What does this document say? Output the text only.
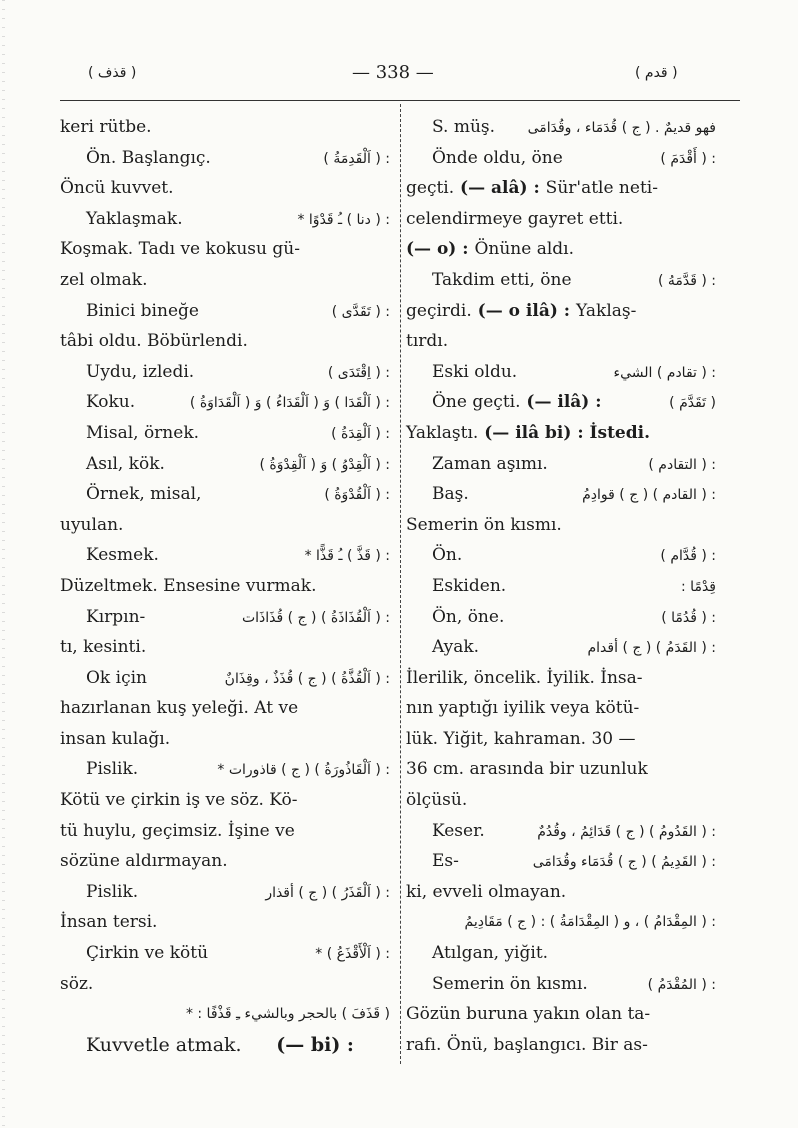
( قذف )	— 338 —	( قدم )
keri rütbe.
Ön. Başlangıç.	: ( اَلْقَدِمَةُ )
Öncü kuvvet.
Yaklaşmak.	: ( دنا ) ـُ قَدْوًا *
Koşmak. Tadı ve kokusu gü-
zel olmak.
Binici bineğe	: ( تَقَدَّى )
tâbi oldu. Böbürlendi.
Uydu, izledi.	: ( اِقْتَدَى )
Koku.	: ( اَلْقَدَا ) وَ ( اَلْقَدَاءُ ) وَ ( اَلْقَدَاوَةُ )
Misal, örnek.	: ( اَلْقِدَةُ )
Asıl, kök.	: ( اَلْقِدْوُ ) وَ ( اَلْقِدْوَةُ )
Örnek, misal,	: ( اَلْقُدْوَةُ )
uyulan.
Kesmek.	: ( قَذَّ ) ـُ قَذًّا *
Düzeltmek. Ensesine vurmak.
Kırpın-	: ( اَلْقُذَاذَةُ ) ( ج ) قُذَاذَات
tı, kesinti.
Ok için	: ( اَلْقُذَّةُ ) ( ج ) قُذَذٌ ، وقِذَانٌ
hazırlanan kuş yeleği. At ve
insan kulağı.
Pislik.	: ( اَلْقَاذُورَةُ ) ( ج ) قاذورات *
Kötü ve çirkin iş ve söz. Kö-
tü huylu, geçimsiz. İşine ve
sözüne aldırmayan.
Pislik.	: ( اَلْقَذَرُ ) ( ج ) أقذار
İnsan tersi.
Çirkin ve kötü	: ( اَلْأَقْذَعُ ) *
söz.
( قَذَفَ ) بالحجر وبالشيء ـِ قَذْفًا : *
Kuvvetle atmak. (— bi) :
S. müş. فهو قديمٌ . ( ج ) قُدَمَاء ، وقُدَامَى
Önde oldu, öne	: ( أَقْدَمَ )
geçti. (— alâ) : Sür'atle neti-
celendirmeye gayret etti.
(— o) : Önüne aldı.
Takdim etti, öne	: ( قَدَّمَهُ )
geçirdi. (— o ilâ) : Yaklaş-
tırdı.
Eski oldu.	: ( تقادم ) الشيء
Öne geçti. (— ilâ) :	( تَقَدَّمَ )
Yaklaştı. (— ilâ bi) : İstedi.
Zaman aşımı.	: ( التقادم )
Baş.	: ( القادم ) ( ج ) قوادِمُ
Semerin ön kısmı.
Ön.	: ( قُدَّام )
Eskiden.	قِدْمًا :
Ön, öne.	: ( قُدُمًا )
Ayak.	: ( القَدَمُ ) ( ج ) أقدام
İlerilik, öncelik. İyilik. İnsa-
nın yaptığı iyilik veya kötü-
lük. Yiğit, kahraman. 30 —
36 cm. arasında bir uzunluk
ölçüsü.
Keser.	: ( القَدُومُ ) ( ج ) قَدَائِمُ ، وقُدُمٌ
Es-	: ( القَدِيمُ ) ( ج ) قُدَمَاء وقُدَامَى
ki, evveli olmayan.
: ( المِقْدَامُ ) ، و ( المِقْدَامَةُ ) : ( ج ) مَقَادِيمُ
Atılgan, yiğit.
Semerin ön kısmı.	: ( المُقْدَمُ )
Gözün buruna yakın olan ta-
rafı. Önü, başlangıcı. Bir as-
